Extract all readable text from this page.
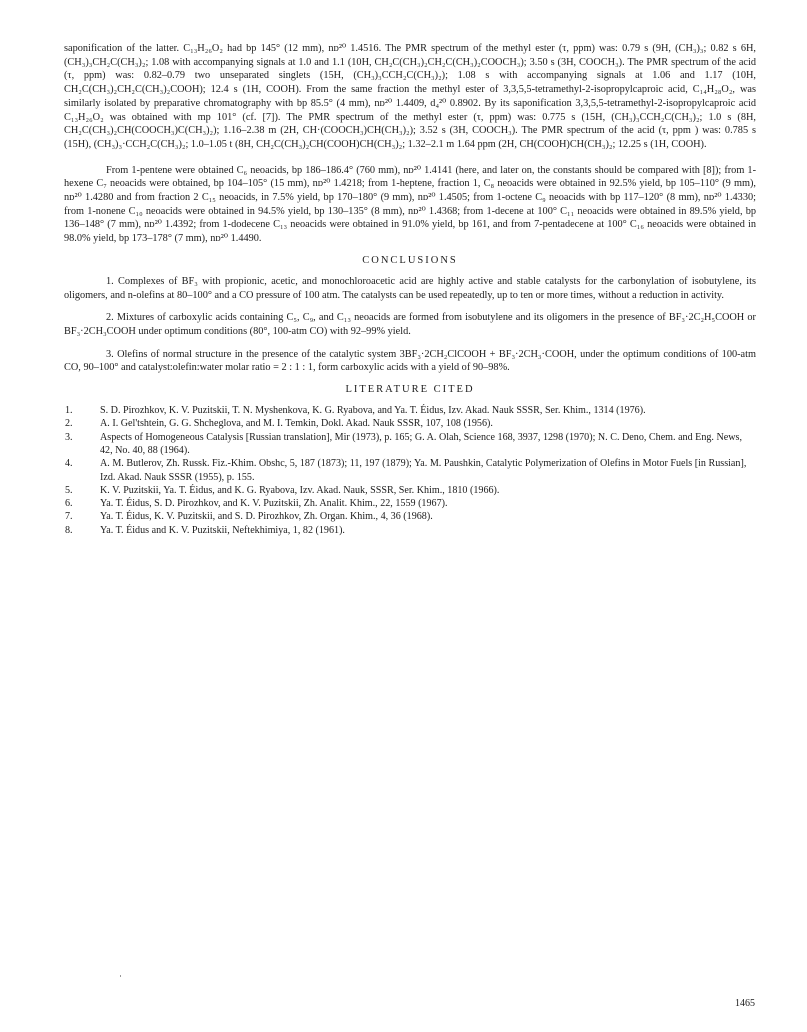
saponification of the latter. C₁₃H₂₆O₂ had bp 145° (12 mm), nᴅ²⁰ 1.4516. The PMR spectrum of the methyl ester (τ, ppm) was: 0.79 s (9H, (CH₃)₃; 0.82 s 6H, (CH₃)₃CH₂C(CH₃)₂; 1.08 with accompanying signals at 1.0 and 1.1 (10H, CH₂C(CH₃)₂CH₂C(CH₃)₂COOCH₃); 3.50 s (3H, COOCH₃). The PMR spectrum of the acid (τ, ppm) was: 0.82–0.79 two unseparated singlets (15H, (CH₃)₃CCH₂C(CH₃)₂); 1.08 s with accompanying signals at 1.06 and 1.17 (10H, CH₂C(CH₃)₂CH₂C(CH₃)₂COOH); 12.4 s (1H, COOH). From the same fraction the methyl ester of 3,3,5,5-tetramethyl-2-isopropylcaproic acid, C₁₄H₂₈O₂, was similarly isolated by preparative chromatography with bp 85.5° (4 mm), nᴅ²⁰ 1.4409, d₄²⁰ 0.8902. By its saponification 3,3,5,5-tetramethyl-2-isopropylcaproic acid C₁₃H₂₆O₂ was obtained with mp 101° (cf. [7]). The PMR spectrum of the methyl ester (τ, ppm) was: 0.775 s (15H, (CH₃)₃CCH₂C(CH₃)₂; 1.0 s (8H, CH₂C(CH₃)₂CH(COOCH₃)C(CH₃)₂); 1.16–2.38 m (2H, CH·(COOCH₃)CH(CH₃)₂); 3.52 s (3H, COOCH₃). The PMR spectrum of the acid (τ, ppm ) was: 0.785 s (15H), (CH₃)₃·CCH₂C(CH₃)₂; 1.0–1.05 t (8H, CH₂C(CH₃)₂CH(COOH)CH(CH₃)₂; 1.32–2.1 m 1.64 ppm (2H, CH(COOH)CH(CH₃)₂; 12.25 s (1H, COOH).

From 1-pentene were obtained C₆ neoacids, bp 186–186.4° (760 mm), nᴅ²⁰ 1.4141 (here, and later on, the constants should be compared with [8]); from 1-hexene C₇ neoacids were obtained, bp 104–105° (15 mm), nᴅ²⁰ 1.4218; from 1-heptene, fraction 1, C₈ neoacids were obtained in 92.5% yield, bp 105–110° (9 mm), nᴅ²⁰ 1.4280 and from fraction 2 C₁₅ neoacids, in 7.5% yield, bp 170–180° (9 mm), nᴅ²⁰ 1.4505; from 1-octene C₉ neoacids with bp 117–120° (8 mm), nᴅ²⁰ 1.4330; from 1-nonene C₁₀ neoacids were obtained in 94.5% yield, bp 130–135° (8 mm), nᴅ²⁰ 1.4368; from 1-decene at 100° C₁₁ neoacids were obtained in 89.5% yield, bp 136–148° (7 mm), nᴅ²⁰ 1.4392; from 1-dodecene C₁₃ neoacids were obtained in 91.0% yield, bp 161, and from 7-pentadecene at 100° C₁₆ neoacids were obtained in 98.0% yield, bp 173–178° (7 mm), nᴅ²⁰ 1.4490.

CONCLUSIONS

1. Complexes of BF₃ with propionic, acetic, and monochloroacetic acid are highly active and stable catalysts for the carbonylation of isobutylene, its oligomers, and n-olefins at 80–100° and a CO pressure of 100 atm. The catalysts can be used repeatedly, up to ten or more times, without a reduction in activity.

2. Mixtures of carboxylic acids containing C₅, C₉, and C₁₃ neoacids are formed from isobutylene and its oligomers in the presence of BF₃·2C₂H₅COOH or BF₃·2CH₃COOH under optimum conditions (80°, 100-atm CO) with 92–99% yield.

3. Olefins of normal structure in the presence of the catalytic system 3BF₃·2CH₂ClCOOH + BF₃·2CH₃·COOH, under the optimum conditions of 100-atm CO, 90–100° and catalyst:olefin:water molar ratio = 2 : 1 : 1, form carboxylic acids with a yield of 90–98%.

LITERATURE CITED

1.	S. D. Pirozhkov, K. V. Puzitskii, T. N. Myshenkova, K. G. Ryabova, and Ya. T. Éidus, Izv. Akad. Nauk SSSR, Ser. Khim., 1314 (1976).
2.	A. I. Gel'tshtein, G. G. Shcheglova, and M. I. Temkin, Dokl. Akad. Nauk SSSR, 107, 108 (1956).
3.	Aspects of Homogeneous Catalysis [Russian translation], Mir (1973), p. 165; G. A. Olah, Science 168, 3937, 1298 (1970); N. C. Deno, Chem. and Eng. News, 42, No. 40, 88 (1964).
4.	A. M. Butlerov, Zh. Russk. Fiz.-Khim. Obshc, 5, 187 (1873); 11, 197 (1879); Ya. M. Paushkin, Catalytic Polymerization of Olefins in Motor Fuels [in Russian], Izd. Akad. Nauk SSSR (1955), p. 155.
5.	K. V. Puzitskii, Ya. T. Éidus, and K. G. Ryabova, Izv. Akad. Nauk, SSSR, Ser. Khim., 1810 (1966).
6.	Ya. T. Éidus, S. D. Pirozhkov, and K. V. Puzitskii, Zh. Analit. Khim., 22, 1559 (1967).
7.	Ya. T. Éidus, K. V. Puzitskii, and S. D. Pirozhkov, Zh. Organ. Khim., 4, 36 (1968).
8.	Ya. T. Éidus and K. V. Puzitskii, Neftekhimiya, 1, 82 (1961).
1465
